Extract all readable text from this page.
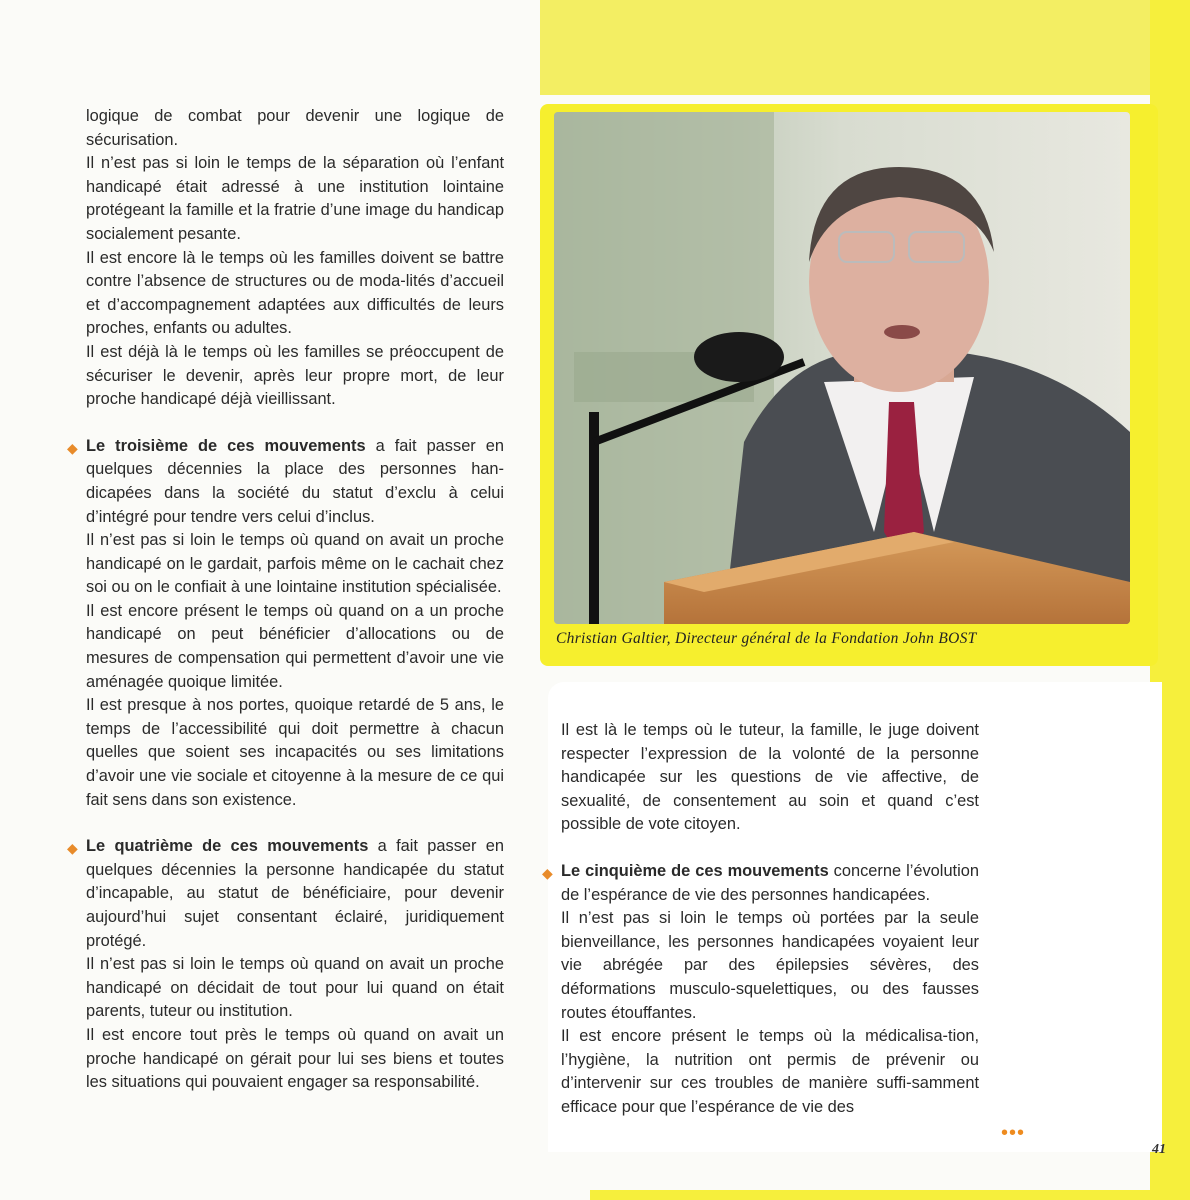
Christian Galtier, Directeur général de la Fondation John BOST

logique de combat pour devenir une logique de sécurisation.

Il n’est pas si loin le temps de la séparation où l’enfant handicapé était adressé à une institution lointaine protégeant la famille et la fratrie d’une image du handicap socialement pesante.

Il est encore là le temps où les familles doivent se battre contre l’absence de structures ou de moda-lités d’accueil et d’accompagnement adaptées aux difficultés de leurs proches, enfants ou adultes.

Il est déjà là le temps où les familles se préoccupent de sécuriser le devenir, après leur propre mort, de leur proche handicapé déjà vieillissant.

◆ Le troisième de ces mouvements a fait passer en quelques décennies la place des personnes han-dicapées dans la société du statut d’exclu à celui d’intégré pour tendre vers celui d’inclus.

Il n’est pas si loin le temps où quand on avait un proche handicapé on le gardait, parfois même on le cachait chez soi ou on le confiait à une lointaine institution spécialisée.

Il est encore présent le temps où quand on a un proche handicapé on peut bénéficier d’allocations ou de mesures de compensation qui permettent d’avoir une vie aménagée quoique limitée.

Il est presque à nos portes, quoique retardé de 5 ans, le temps de l’accessibilité qui doit permettre à chacun quelles que soient ses incapacités ou ses limitations d’avoir une vie sociale et citoyenne à la mesure de ce qui fait sens dans son existence.

◆ Le quatrième de ces mouvements a fait passer en quelques décennies la personne handicapée du statut d’incapable, au statut de bénéficiaire, pour devenir aujourd’hui sujet consentant éclairé, juridiquement protégé.

Il n’est pas si loin le temps où quand on avait un proche handicapé on décidait de tout pour lui quand on était parents, tuteur ou institution.

Il est encore tout près le temps où quand on avait un proche handicapé on gérait pour lui ses biens et toutes les situations qui pouvaient engager sa responsabilité.

Il est là le temps où le tuteur, la famille, le juge doivent respecter l’expression de la volonté de la personne handicapée sur les questions de vie affective, de sexualité, de consentement au soin et quand c’est possible de vote citoyen.

◆ Le cinquième de ces mouvements concerne l’évolution de l’espérance de vie des personnes handicapées.

Il n’est pas si loin le temps où portées par la seule bienveillance, les personnes handicapées voyaient leur vie abrégée par des épilepsies sévères, des déformations musculo-squelettiques, ou des fausses routes étouffantes.

Il est encore présent le temps où la médicalisa-tion, l’hygiène, la nutrition ont permis de prévenir ou d’intervenir sur ces troubles de manière suffi-samment efficace pour que l’espérance de vie des

•••
41
